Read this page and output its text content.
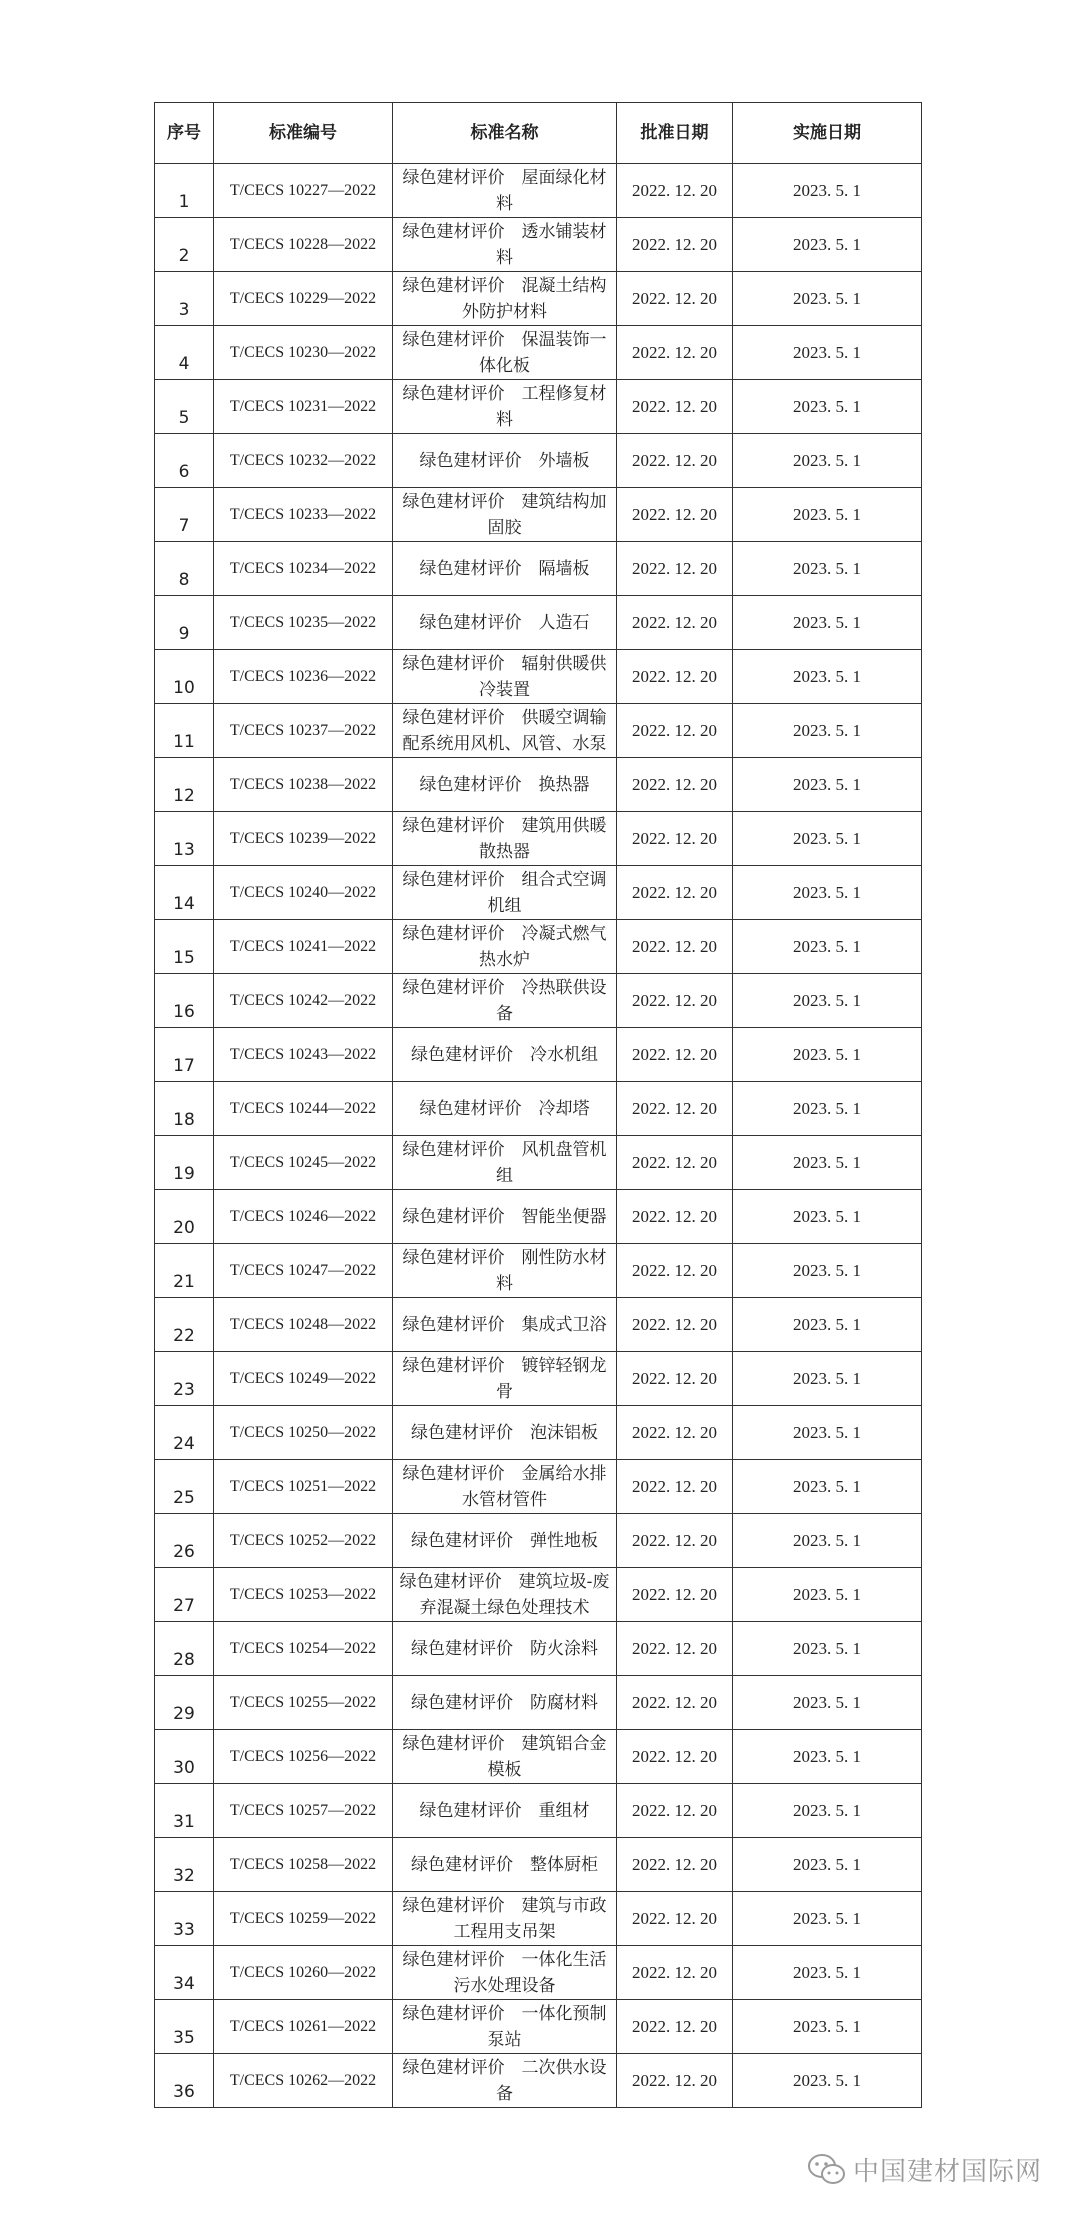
序号	标准编号	标准名称	批准日期	实施日期
1	T/CECS 10227—2022	绿色建材评价　屋面绿化材料	2022. 12. 20	2023. 5. 1
2	T/CECS 10228—2022	绿色建材评价　透水铺装材料	2022. 12. 20	2023. 5. 1
3	T/CECS 10229—2022	绿色建材评价　混凝土结构外防护材料	2022. 12. 20	2023. 5. 1
4	T/CECS 10230—2022	绿色建材评价　保温装饰一体化板	2022. 12. 20	2023. 5. 1
5	T/CECS 10231—2022	绿色建材评价　工程修复材料	2022. 12. 20	2023. 5. 1
6	T/CECS 10232—2022	绿色建材评价　外墙板	2022. 12. 20	2023. 5. 1
7	T/CECS 10233—2022	绿色建材评价　建筑结构加固胶	2022. 12. 20	2023. 5. 1
8	T/CECS 10234—2022	绿色建材评价　隔墙板	2022. 12. 20	2023. 5. 1
9	T/CECS 10235—2022	绿色建材评价　人造石	2022. 12. 20	2023. 5. 1
10	T/CECS 10236—2022	绿色建材评价　辐射供暖供冷装置	2022. 12. 20	2023. 5. 1
11	T/CECS 10237—2022	绿色建材评价　供暖空调输配系统用风机、风管、水泵	2022. 12. 20	2023. 5. 1
12	T/CECS 10238—2022	绿色建材评价　换热器	2022. 12. 20	2023. 5. 1
13	T/CECS 10239—2022	绿色建材评价　建筑用供暖散热器	2022. 12. 20	2023. 5. 1
14	T/CECS 10240—2022	绿色建材评价　组合式空调机组	2022. 12. 20	2023. 5. 1
15	T/CECS 10241—2022	绿色建材评价　冷凝式燃气热水炉	2022. 12. 20	2023. 5. 1
16	T/CECS 10242—2022	绿色建材评价　冷热联供设备	2022. 12. 20	2023. 5. 1
17	T/CECS 10243—2022	绿色建材评价　冷水机组	2022. 12. 20	2023. 5. 1
18	T/CECS 10244—2022	绿色建材评价　冷却塔	2022. 12. 20	2023. 5. 1
19	T/CECS 10245—2022	绿色建材评价　风机盘管机组	2022. 12. 20	2023. 5. 1
20	T/CECS 10246—2022	绿色建材评价　智能坐便器	2022. 12. 20	2023. 5. 1
21	T/CECS 10247—2022	绿色建材评价　刚性防水材料	2022. 12. 20	2023. 5. 1
22	T/CECS 10248—2022	绿色建材评价　集成式卫浴	2022. 12. 20	2023. 5. 1
23	T/CECS 10249—2022	绿色建材评价　镀锌轻钢龙骨	2022. 12. 20	2023. 5. 1
24	T/CECS 10250—2022	绿色建材评价　泡沫铝板	2022. 12. 20	2023. 5. 1
25	T/CECS 10251—2022	绿色建材评价　金属给水排水管材管件	2022. 12. 20	2023. 5. 1
26	T/CECS 10252—2022	绿色建材评价　弹性地板	2022. 12. 20	2023. 5. 1
27	T/CECS 10253—2022	绿色建材评价　建筑垃圾-废弃混凝土绿色处理技术	2022. 12. 20	2023. 5. 1
28	T/CECS 10254—2022	绿色建材评价　防火涂料	2022. 12. 20	2023. 5. 1
29	T/CECS 10255—2022	绿色建材评价　防腐材料	2022. 12. 20	2023. 5. 1
30	T/CECS 10256—2022	绿色建材评价　建筑铝合金模板	2022. 12. 20	2023. 5. 1
31	T/CECS 10257—2022	绿色建材评价　重组材	2022. 12. 20	2023. 5. 1
32	T/CECS 10258—2022	绿色建材评价　整体厨柜	2022. 12. 20	2023. 5. 1
33	T/CECS 10259—2022	绿色建材评价　建筑与市政工程用支吊架	2022. 12. 20	2023. 5. 1
34	T/CECS 10260—2022	绿色建材评价　一体化生活污水处理设备	2022. 12. 20	2023. 5. 1
35	T/CECS 10261—2022	绿色建材评价　一体化预制泵站	2022. 12. 20	2023. 5. 1
36	T/CECS 10262—2022	绿色建材评价　二次供水设备	2022. 12. 20	2023. 5. 1
中国建材国际网
